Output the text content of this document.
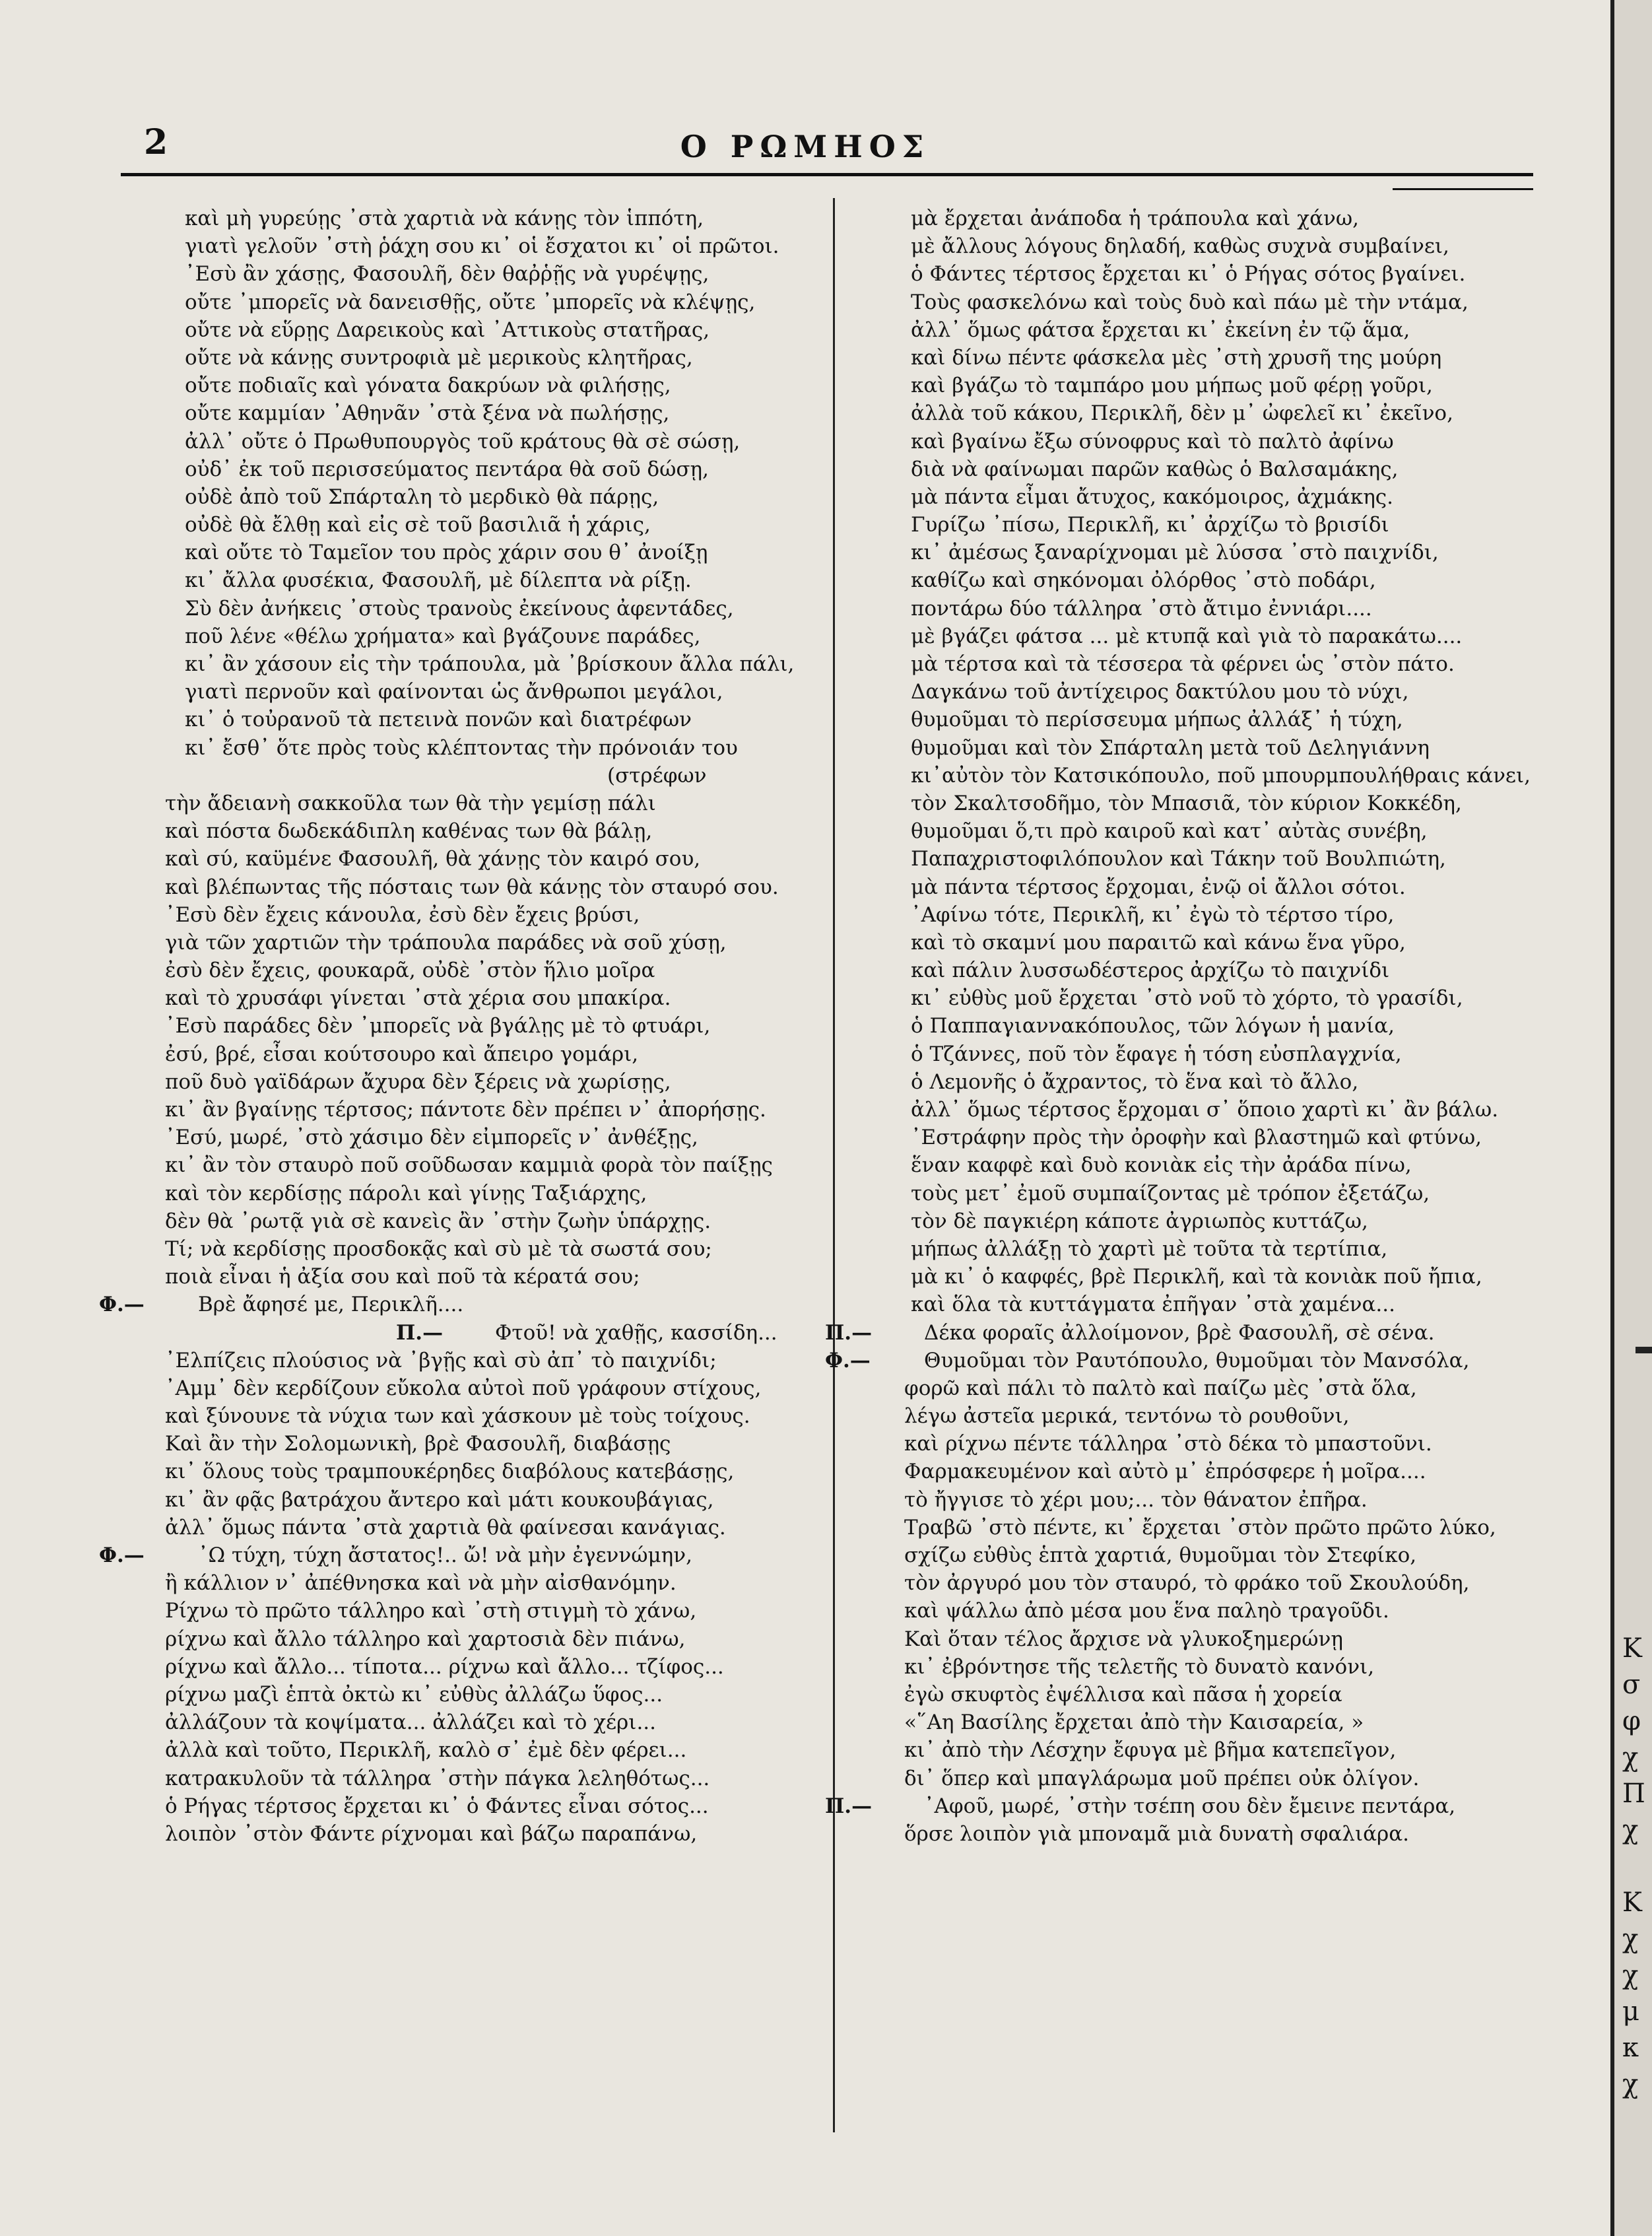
2	Ο ΡΩΜΗΟΣ
καὶ μὴ γυρεύῃς ᾽στὰ χαρτιὰ νὰ κάνῃς τὸν ἱππότη,
γιατὶ γελοῦν ᾽στὴ ῥάχη σου κι᾽ οἱ ἔσχατοι κι᾽ οἱ πρῶτοι.
᾽Εσὺ ἂν χάσῃς, Φασουλῆ, δὲν θαῤῥῇς νὰ γυρέψῃς,
οὔτε ᾽μπορεῖς νὰ δανεισθῇς, οὔτε ᾽μπορεῖς νὰ κλέψῃς,
οὔτε νὰ εὕρῃς Δαρεικοὺς καὶ ᾽Αττικοὺς στατῆρας,
οὔτε νὰ κάνῃς συντροφιὰ μὲ μερικοὺς κλητῆρας,
οὔτε ποδιαῖς καὶ γόνατα δακρύων νὰ φιλήσῃς,
οὔτε καμμίαν ᾽Αθηνᾶν ᾽στὰ ξένα νὰ πωλήσῃς,
ἀλλ᾽ οὔτε ὁ Πρωθυπουργὸς τοῦ κράτους θὰ σὲ σώσῃ,
οὐδ᾽ ἐκ τοῦ περισσεύματος πεντάρα θὰ σοῦ δώσῃ,
οὐδὲ ἀπὸ τοῦ Σπάρταλη τὸ μερδικὸ θὰ πάρῃς,
οὐδὲ θὰ ἔλθῃ καὶ εἰς σὲ τοῦ βασιλιᾶ ἡ χάρις,
καὶ οὔτε τὸ Ταμεῖον του πρὸς χάριν σου θ᾽ ἀνοίξῃ
κι᾽ ἄλλα φυσέκια, Φασουλῆ, μὲ δίλεπτα νὰ ρίξῃ.
Σὺ δὲν ἀνήκεις ᾽στοὺς τρανοὺς ἐκείνους ἀφεντάδες,
ποῦ λένε «θέλω χρήματα» καὶ βγάζουνε παράδες,
κι᾽ ἂν χάσουν εἰς τὴν τράπουλα, μὰ ᾽βρίσκουν ἄλλα πάλι,
γιατὶ περνοῦν καὶ φαίνονται ὡς ἄνθρωποι μεγάλοι,
κι᾽ ὁ τοὐρανοῦ τὰ πετεινὰ πονῶν καὶ διατρέφων
κι᾽ ἔσθ᾽ ὅτε πρὸς τοὺς κλέπτοντας τὴν πρόνοιάν του
(στρέφων
τὴν ἄδειανὴ σακκοῦλα των θὰ τὴν γεμίσῃ πάλι
καὶ πόστα δωδεκάδιπλη καθένας των θὰ βάλῃ,
καὶ σύ, καϋμένε Φασουλῆ, θὰ χάνῃς τὸν καιρό σου,
καὶ βλέπωντας τῆς πόσταις των θὰ κάνῃς τὸν σταυρό σου.
᾽Εσὺ δὲν ἔχεις κάνουλα, ἐσὺ δὲν ἔχεις βρύσι,
γιὰ τῶν χαρτιῶν τὴν τράπουλα παράδες νὰ σοῦ χύσῃ,
ἐσὺ δὲν ἔχεις, φουκαρᾶ, οὐδὲ ᾽στὸν ἥλιο μοῖρα
καὶ τὸ χρυσάφι γίνεται ᾽στὰ χέρια σου μπακίρα.
᾽Εσὺ παράδες δὲν ᾽μπορεῖς νὰ βγάλῃς μὲ τὸ φτυάρι,
ἐσύ, βρέ, εἶσαι κούτσουρο καὶ ἄπειρο γομάρι,
ποῦ δυὸ γαϊδάρων ἄχυρα δὲν ξέρεις νὰ χωρίσῃς,
κι᾽ ἂν βγαίνῃς τέρτσος; πάντοτε δὲν πρέπει ν᾽ ἀπορήσῃς.
᾽Εσύ, μωρέ, ᾽στὸ χάσιμο δὲν εἰμπορεῖς ν᾽ ἀνθέξῃς,
κι᾽ ἂν τὸν σταυρὸ ποῦ σοῦδωσαν καμμιὰ φορὰ τὸν παίξῃς
καὶ τὸν κερδίσῃς πάρολι καὶ γίνῃς Ταξιάρχης,
δὲν θὰ ᾽ρωτᾷ γιὰ σὲ κανεὶς ἂν ᾽στὴν ζωὴν ὑπάρχῃς.
Τί; νὰ κερδίσῃς προσδοκᾷς καὶ σὺ μὲ τὰ σωστά σου;
ποιὰ εἶναι ἡ ἀξία σου καὶ ποῦ τὰ κέρατά σου;
Φ.—	Βρὲ ἄφησέ με, Περικλῆ....
Π.—	Φτοῦ! νὰ χαθῇς, κασσίδη...
᾽Ελπίζεις πλούσιος νὰ ᾽βγῇς καὶ σὺ ἀπ᾽ τὸ παιχνίδι;
᾽Αμμ᾽ δὲν κερδίζουν εὔκολα αὐτοὶ ποῦ γράφουν στίχους,
καὶ ξύνουνε τὰ νύχια των καὶ χάσκουν μὲ τοὺς τοίχους.
Καὶ ἂν τὴν Σολομωνικὴ, βρὲ Φασουλῆ, διαβάσῃς
κι᾽ ὅλους τοὺς τραμπουκέρηδες διαβόλους κατεβάσῃς,
κι᾽ ἂν φᾷς βατράχου ἄντερο καὶ μάτι κουκουβάγιας,
ἀλλ᾽ ὅμως πάντα ᾽στὰ χαρτιὰ θὰ φαίνεσαι κανάγιας.
Φ.—	᾽Ω τύχη, τύχη ἄστατος!.. ὤ! νὰ μὴν ἐγεννώμην,
ἢ κάλλιον ν᾽ ἀπέθνησκα καὶ νὰ μὴν αἰσθανόμην.
Ρίχνω τὸ πρῶτο τάλληρο καὶ ᾽στὴ στιγμὴ τὸ χάνω,
ρίχνω καὶ ἄλλο τάλληρο καὶ χαρτοσιὰ δὲν πιάνω,
ρίχνω καὶ ἄλλο... τίποτα... ρίχνω καὶ ἄλλο... τζίφος...
ρίχνω μαζὶ ἑπτὰ ὀκτὼ κι᾽ εὐθὺς ἀλλάζω ὕφος...
ἀλλάζουν τὰ κοψίματα... ἀλλάζει καὶ τὸ χέρι...
ἀλλὰ καὶ τοῦτο, Περικλῆ, καλὸ σ᾽ ἐμὲ δὲν φέρει...
κατρακυλοῦν τὰ τάλληρα ᾽στὴν πάγκα λεληθότως...
ὁ Ρήγας τέρτσος ἔρχεται κι᾽ ὁ Φάντες εἶναι σότος...
λοιπὸν ᾽στὸν Φάντε ρίχνομαι καὶ βάζω παραπάνω,
μὰ ἔρχεται ἀνάποδα ἡ τράπουλα καὶ χάνω,
μὲ ἄλλους λόγους δηλαδή, καθὼς συχνὰ συμβαίνει,
ὁ Φάντες τέρτσος ἔρχεται κι᾽ ὁ Ρήγας σότος βγαίνει.
Τοὺς φασκελόνω καὶ τοὺς δυὸ καὶ πάω μὲ τὴν ντάμα,
ἀλλ᾽ ὅμως φάτσα ἔρχεται κι᾽ ἐκείνη ἐν τῷ ἅμα,
καὶ δίνω πέντε φάσκελα μὲς ᾽στὴ χρυσῆ της μούρη
καὶ βγάζω τὸ ταμπάρο μου μήπως μοῦ φέρῃ γοῦρι,
ἀλλὰ τοῦ κάκου, Περικλῆ, δὲν μ᾽ ὠφελεῖ κι᾽ ἐκεῖνο,
καὶ βγαίνω ἔξω σύνοφρυς καὶ τὸ παλτὸ ἀφίνω
διὰ νὰ φαίνωμαι παρῶν καθὼς ὁ Βαλσαμάκης,
μὰ πάντα εἶμαι ἄτυχος, κακόμοιρος, ἀχμάκης.
Γυρίζω ᾽πίσω, Περικλῆ, κι᾽ ἀρχίζω τὸ βρισίδι
κι᾽ ἀμέσως ξαναρίχνομαι μὲ λύσσα ᾽στὸ παιχνίδι,
καθίζω καὶ σηκόνομαι ὀλόρθος ᾽στὸ ποδάρι,
ποντάρω δύο τάλληρα ᾽στὸ ἄτιμο ἐννιάρι....
μὲ βγάζει φάτσα ... μὲ κτυπᾷ καὶ γιὰ τὸ παρακάτω....
μὰ τέρτσα καὶ τὰ τέσσερα τὰ φέρνει ὡς ᾽στὸν πάτο.
Δαγκάνω τοῦ ἀντίχειρος δακτύλου μου τὸ νύχι,
θυμοῦμαι τὸ περίσσευμα μήπως ἀλλάξ᾽ ἡ τύχη,
θυμοῦμαι καὶ τὸν Σπάρταλη μετὰ τοῦ Δεληγιάννη
κι᾽αὐτὸν τὸν Κατσικόπουλο, ποῦ μπουρμπουλήθραις κάνει,
τὸν Σκαλτσοδῆμο, τὸν Μπασιᾶ, τὸν κύριον Κοκκέδη,
θυμοῦμαι ὅ,τι πρὸ καιροῦ καὶ κατ᾽ αὐτὰς συνέβη,
Παπαχριστοφιλόπουλον καὶ Τάκην τοῦ Βουλπιώτη,
μὰ πάντα τέρτσος ἔρχομαι, ἐνῷ οἱ ἄλλοι σότοι.
᾽Αφίνω τότε, Περικλῆ, κι᾽ ἐγὼ τὸ τέρτσο τίρο,
καὶ τὸ σκαμνί μου παραιτῶ καὶ κάνω ἕνα γῦρο,
καὶ πάλιν λυσσωδέστερος ἀρχίζω τὸ παιχνίδι
κι᾽ εὐθὺς μοῦ ἔρχεται ᾽στὸ νοῦ τὸ χόρτο, τὸ γρασίδι,
ὁ Παππαγιαννακόπουλος, τῶν λόγων ἡ μανία,
ὁ Τζάννες, ποῦ τὸν ἔφαγε ἡ τόση εὐσπλαγχνία,
ὁ Λεμονῆς ὁ ἄχραντος, τὸ ἕνα καὶ τὸ ἄλλο,
ἀλλ᾽ ὅμως τέρτσος ἔρχομαι σ᾽ ὅποιο χαρτὶ κι᾽ ἂν βάλω.
᾽Εστράφην πρὸς τὴν ὀροφὴν καὶ βλαστημῶ καὶ φτύνω,
ἕναν καφφὲ καὶ δυὸ κονιὰκ εἰς τὴν ἀράδα πίνω,
τοὺς μετ᾽ ἐμοῦ συμπαίζοντας μὲ τρόπον ἐξετάζω,
τὸν δὲ παγκιέρη κάποτε ἀγριωπὸς κυττάζω,
μήπως ἀλλάξῃ τὸ χαρτὶ μὲ τοῦτα τὰ τερτίπια,
μὰ κι᾽ ὁ καφφές, βρὲ Περικλῆ, καὶ τὰ κονιὰκ ποῦ ἤπια,
καὶ ὅλα τὰ κυττάγματα ἐπῆγαν ᾽στὰ χαμένα...
Π.—	Δέκα φοραῖς ἀλλοίμονον, βρὲ Φασουλῆ, σὲ σένα.
Φ.—	Θυμοῦμαι τὸν Ραυτόπουλο, θυμοῦμαι τὸν Μανσόλα,
φορῶ καὶ πάλι τὸ παλτὸ καὶ παίζω μὲς ᾽στὰ ὅλα,
λέγω ἀστεῖα μερικά, τεντόνω τὸ ρουθοῦνι,
καὶ ρίχνω πέντε τάλληρα ᾽στὸ δέκα τὸ μπαστοῦνι.
Φαρμακευμένον καὶ αὐτὸ μ᾽ ἐπρόσφερε ἡ μοῖρα....
τὸ ἤγγισε τὸ χέρι μου;... τὸν θάνατον ἐπῆρα.
Τραβῶ ᾽στὸ πέντε, κι᾽ ἔρχεται ᾽στὸν πρῶτο πρῶτο λύκο,
σχίζω εὐθὺς ἑπτὰ χαρτιά, θυμοῦμαι τὸν Στεφίκο,
τὸν ἀργυρό μου τὸν σταυρό, τὸ φράκο τοῦ Σκουλούδη,
καὶ ψάλλω ἀπὸ μέσα μου ἕνα παληὸ τραγοῦδι.
Καὶ ὅταν τέλος ἄρχισε νὰ γλυκοξημερώνῃ
κι᾽ ἐβρόντησε τῆς τελετῆς τὸ δυνατὸ κανόνι,
ἐγὼ σκυφτὸς ἐψέλλισα καὶ πᾶσα ἡ χορεία
«῞Αη Βασίλης ἔρχεται ἀπὸ τὴν Καισαρεία, »
κι᾽ ἀπὸ τὴν Λέσχην ἔφυγα μὲ βῆμα κατεπεῖγον,
δι᾽ ὅπερ καὶ μπαγλάρωμα μοῦ πρέπει οὐκ ὀλίγον.
Π.—	᾽Αφοῦ, μωρέ, ᾽στὴν τσέπη σου δὲν ἔμεινε πεντάρα,
ὅρσε λοιπὸν γιὰ μποναμᾶ μιὰ δυνατὴ σφαλιάρα.
Κ
σ
φ
χ
Π
χ

Κ
χ
χ
μ
κ
χ
